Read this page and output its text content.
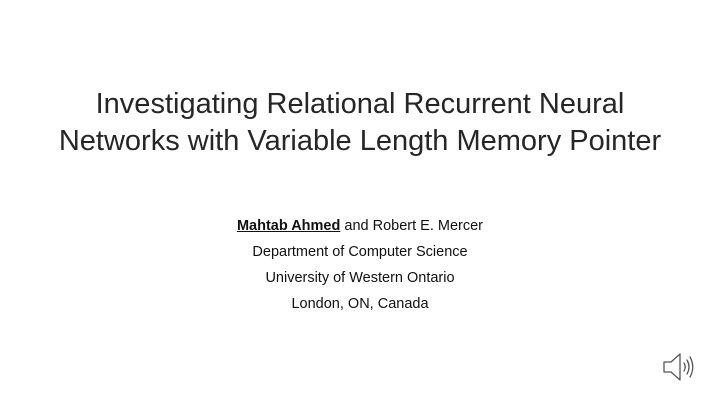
Investigating Relational Recurrent Neural
Networks with Variable Length Memory Pointer
Mahtab Ahmed and Robert E. Mercer
Department of Computer Science
University of Western Ontario
London, ON, Canada
